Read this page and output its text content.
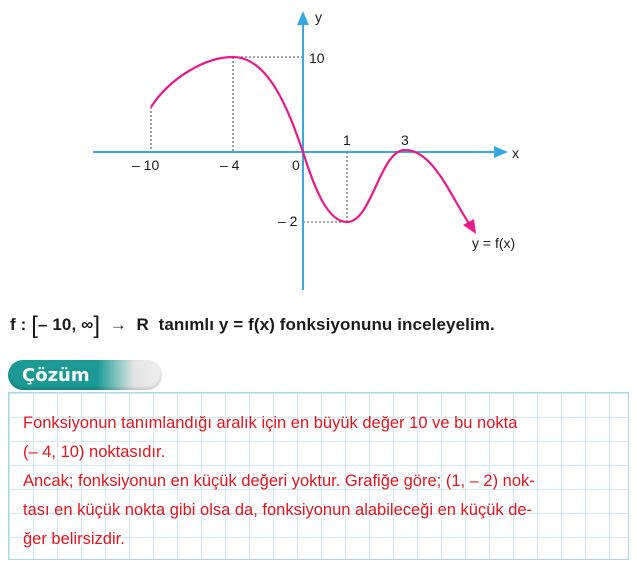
y
x
10
– 2
– 10	– 4	0
1	3
y = f(x)
f : [– 10, ∞] → R tanımlı y = f(x) fonksiyonunu inceleyelim.
Çözüm
Fonksiyonun tanımlandığı aralık için en büyük değer 10 ve bu nokta
(– 4, 10) noktasıdır.
Ancak; fonksiyonun en küçük değeri yoktur. Grafiğe göre; (1, – 2) nok-
tası en küçük nokta gibi olsa da, fonksiyonun alabileceği en küçük de-
ğer belirsizdir.
